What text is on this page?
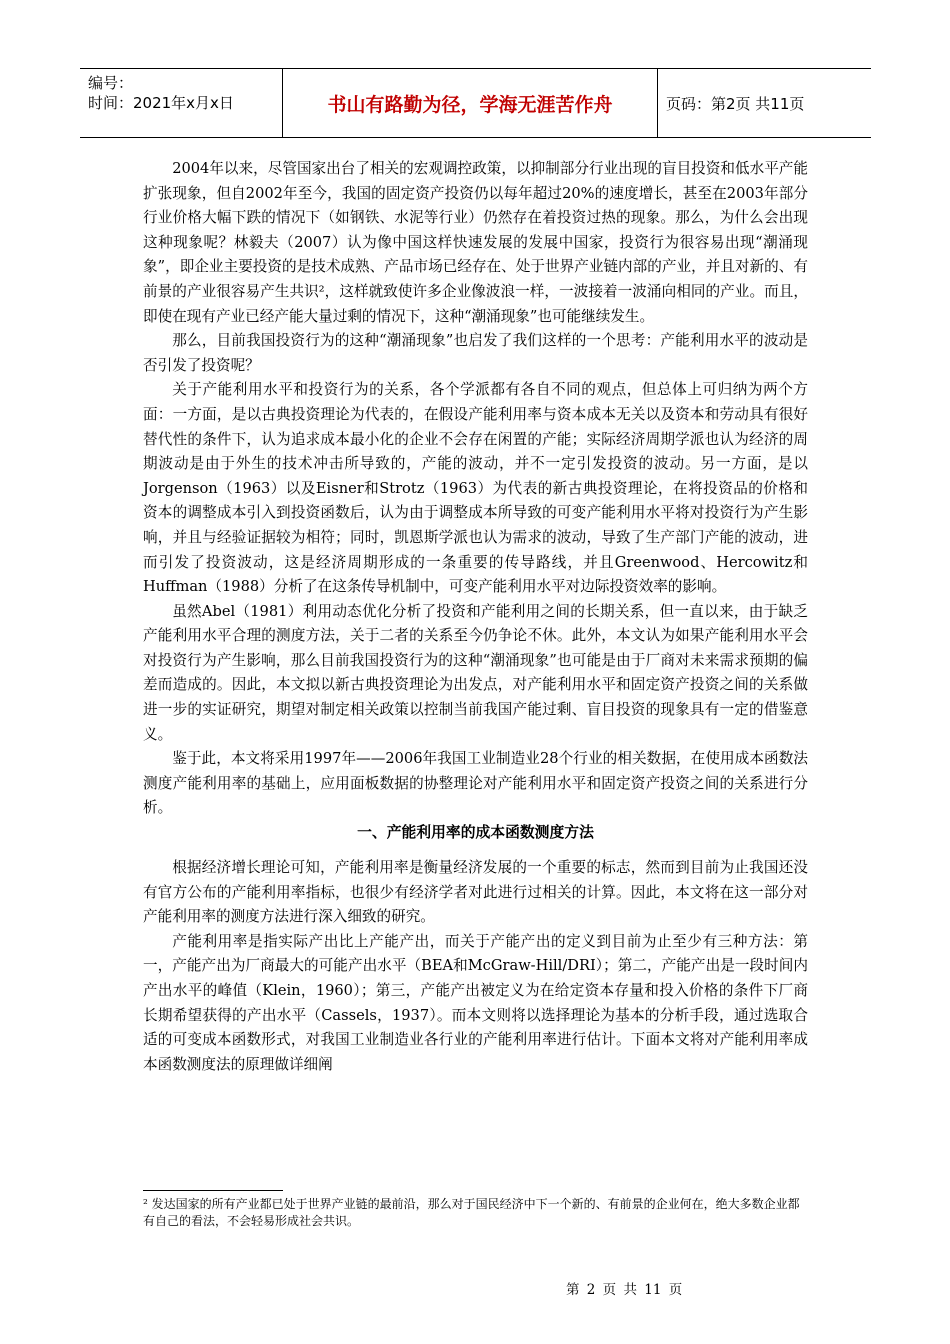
编号：
时间：2021年x月x日	书山有路勤为径，学海无涯苦作舟	页码：第2页 共11页

2004年以来，尽管国家出台了相关的宏观调控政策，以抑制部分行业出现的盲目投资和低水平产能扩张现象，但自2002年至今，我国的固定资产投资仍以每年超过20%的速度增长，甚至在2003年部分行业价格大幅下跌的情况下（如钢铁、水泥等行业）仍然存在着投资过热的现象。那么，为什么会出现这种现象呢？林毅夫（2007）认为像中国这样快速发展的发展中国家，投资行为很容易出现“潮涌现象”，即企业主要投资的是技术成熟、产品市场已经存在、处于世界产业链内部的产业，并且对新的、有前景的产业很容易产生共识²，这样就致使许多企业像波浪一样，一波接着一波涌向相同的产业。而且，即使在现有产业已经产能大量过剩的情况下，这种“潮涌现象”也可能继续发生。

那么，目前我国投资行为的这种“潮涌现象”也启发了我们这样的一个思考：产能利用水平的波动是否引发了投资呢？

关于产能利用水平和投资行为的关系，各个学派都有各自不同的观点，但总体上可归纳为两个方面：一方面，是以古典投资理论为代表的，在假设产能利用率与资本成本无关以及资本和劳动具有很好替代性的条件下，认为追求成本最小化的企业不会存在闲置的产能；实际经济周期学派也认为经济的周期波动是由于外生的技术冲击所导致的，产能的波动，并不一定引发投资的波动。另一方面，是以Jorgenson（1963）以及Eisner和Strotz（1963）为代表的新古典投资理论，在将投资品的价格和资本的调整成本引入到投资函数后，认为由于调整成本所导致的可变产能利用水平将对投资行为产生影响，并且与经验证据较为相符；同时，凯恩斯学派也认为需求的波动，导致了生产部门产能的波动，进而引发了投资波动，这是经济周期形成的一条重要的传导路线，并且Greenwood、Hercowitz和Huffman（1988）分析了在这条传导机制中，可变产能利用水平对边际投资效率的影响。

虽然Abel（1981）利用动态优化分析了投资和产能利用之间的长期关系，但一直以来，由于缺乏产能利用水平合理的测度方法，关于二者的关系至今仍争论不休。此外，本文认为如果产能利用水平会对投资行为产生影响，那么目前我国投资行为的这种“潮涌现象”也可能是由于厂商对未来需求预期的偏差而造成的。因此，本文拟以新古典投资理论为出发点，对产能利用水平和固定资产投资之间的关系做进一步的实证研究，期望对制定相关政策以控制当前我国产能过剩、盲目投资的现象具有一定的借鉴意义。

鉴于此，本文将采用1997年——2006年我国工业制造业28个行业的相关数据，在使用成本函数法测度产能利用率的基础上，应用面板数据的协整理论对产能利用水平和固定资产投资之间的关系进行分析。

一、产能利用率的成本函数测度方法

根据经济增长理论可知，产能利用率是衡量经济发展的一个重要的标志，然而到目前为止我国还没有官方公布的产能利用率指标，也很少有经济学者对此进行过相关的计算。因此，本文将在这一部分对产能利用率的测度方法进行深入细致的研究。

产能利用率是指实际产出比上产能产出，而关于产能产出的定义到目前为止至少有三种方法：第一，产能产出为厂商最大的可能产出水平（BEA和McGraw-Hill/DRI）；第二，产能产出是一段时间内产出水平的峰值（Klein，1960）；第三，产能产出被定义为在给定资本存量和投入价格的条件下厂商长期希望获得的产出水平（Cassels，1937）。而本文则将以选择理论为基本的分析手段，通过选取合适的可变成本函数形式，对我国工业制造业各行业的产能利用率进行估计。下面本文将对产能利用率成本函数测度法的原理做详细阐

² 发达国家的所有产业都已处于世界产业链的最前沿，那么对于国民经济中下一个新的、有前景的企业何在，绝大多数企业都有自己的看法，不会轻易形成社会共识。
第 2 页 共 11 页
